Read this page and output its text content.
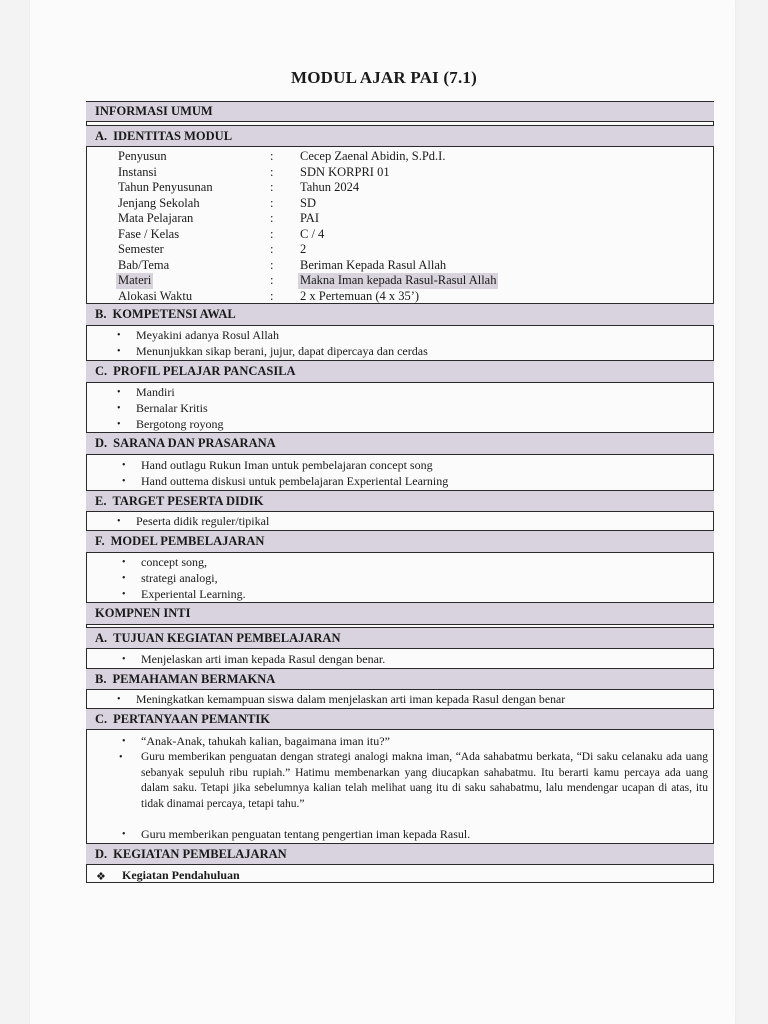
MODUL AJAR PAI (7.1)
INFORMASI UMUM
A. IDENTITAS MODUL
Penyusun	: Cecep Zaenal Abidin, S.Pd.I.
Instansi	: SDN KORPRI 01
Tahun Penyusunan	: Tahun 2024
Jenjang Sekolah	: SD
Mata Pelajaran	: PAI
Fase / Kelas	: C / 4
Semester	: 2
Bab/Tema	: Beriman Kepada Rasul Allah
Materi	: Makna Iman kepada Rasul-Rasul Allah
Alokasi Waktu	: 2 x Pertemuan (4 x 35’)
B. KOMPETENSI AWAL
• Meyakini adanya Rosul Allah
• Menunjukkan sikap berani, jujur, dapat dipercaya dan cerdas
C. PROFIL PELAJAR PANCASILA
• Mandiri
• Bernalar Kritis
• Bergotong royong
D. SARANA DAN PRASARANA
• Hand outlagu Rukun Iman untuk pembelajaran concept song
• Hand outtema diskusi untuk pembelajaran Experiental Learning
E. TARGET PESERTA DIDIK
• Peserta didik reguler/tipikal
F. MODEL PEMBELAJARAN
• concept song,
• strategi analogi,
• Experiental Learning.
KOMPNEN INTI
A. TUJUAN KEGIATAN PEMBELAJARAN
• Menjelaskan arti iman kepada Rasul dengan benar.
B. PEMAHAMAN BERMAKNA
• Meningkatkan kemampuan siswa dalam menjelaskan arti iman kepada Rasul dengan benar
C. PERTANYAAN PEMANTIK
• “Anak-Anak, tahukah kalian, bagaimana iman itu?”
• Guru memberikan penguatan dengan strategi analogi makna iman, “Ada sahabatmu berkata, “Di saku celanaku ada uang sebanyak sepuluh ribu rupiah.” Hatimu membenarkan yang diucapkan sahabatmu. Itu berarti kamu percaya ada uang dalam saku. Tetapi jika sebelumnya kalian telah melihat uang itu di saku sahabatmu, lalu mendengar ucapan di atas, itu tidak dinamai percaya, tetapi tahu.”
• Guru memberikan penguatan tentang pengertian iman kepada Rasul.
D. KEGIATAN PEMBELAJARAN
❖ Kegiatan Pendahuluan
